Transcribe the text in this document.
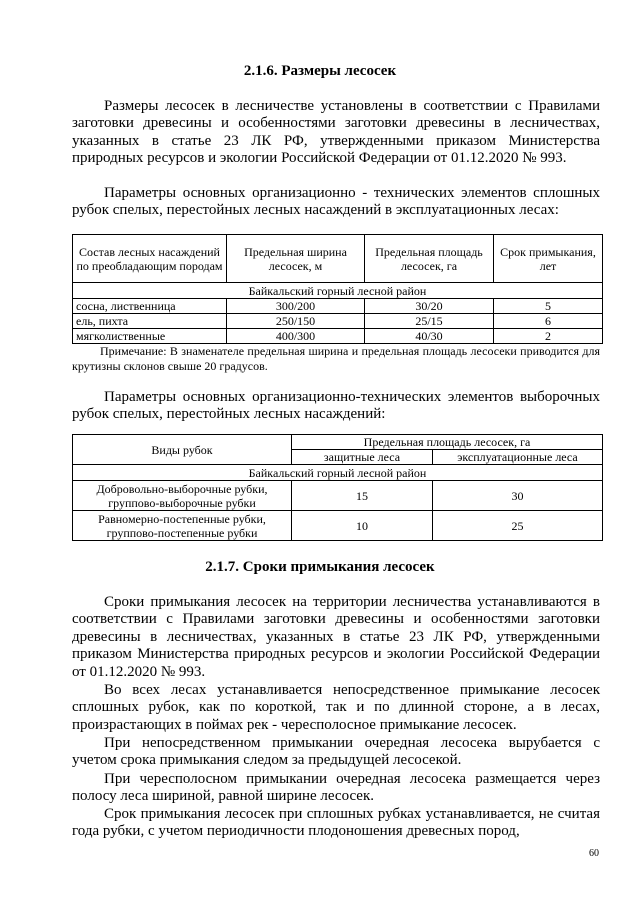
2.1.6. Размеры лесосек

Размеры лесосек в лесничестве установлены в соответствии с Правилами заготовки древесины и особенностями заготовки древесины в лесничествах, указанных в статье 23 ЛК РФ, утвержденными приказом Министерства природных ресурсов и экологии Российской Федерации от 01.12.2020 № 993.

Параметры основных организационно - технических элементов сплошных рубок спелых, перестойных лесных насаждений в эксплуатационных лесах:

Состав лесных насаждений по преобладающим породам	Предельная ширина лесосек, м	Предельная площадь лесосек, га	Срок примыкания, лет
Байкальский горный лесной район			
сосна, лиственница	300/200	30/20	5
ель, пихта	250/150	25/15	6
мягколиственные	400/300	40/30	2

Примечание: В знаменателе предельная ширина и предельная площадь лесосеки приводится для крутизны склонов свыше 20 градусов.

Параметры основных организационно-технических элементов выборочных рубок спелых, перестойных лесных насаждений:

Виды рубок	Предельная площадь лесосек, га	
	защитные леса	эксплуатационные леса
Байкальский горный лесной район		
Добровольно-выборочные рубки,
группово-выборочные рубки	15	30
Равномерно-постепенные рубки,
группово-постепенные рубки	10	25
2.1.7. Сроки примыкания лесосек

Сроки примыкания лесосек на территории лесничества устанавливаются в соответствии с Правилами заготовки древесины и особенностями заготовки древесины в лесничествах, указанных в статье 23 ЛК РФ, утвержденными приказом Министерства природных ресурсов и экологии Российской Федерации от 01.12.2020 № 993.

Во всех лесах устанавливается непосредственное примыкание лесосек сплошных рубок, как по короткой, так и по длинной стороне, а в лесах, произрастающих в поймах рек - чересполосное примыкание лесосек.

При непосредственном примыкании очередная лесосека вырубается с учетом срока примыкания следом за предыдущей лесосекой.

При чересполосном примыкании очередная лесосека размещается через полосу леса шириной, равной ширине лесосек.

Срок примыкания лесосек при сплошных рубках устанавливается, не считая года рубки, с учетом периодичности плодоношения древесных пород,

60
